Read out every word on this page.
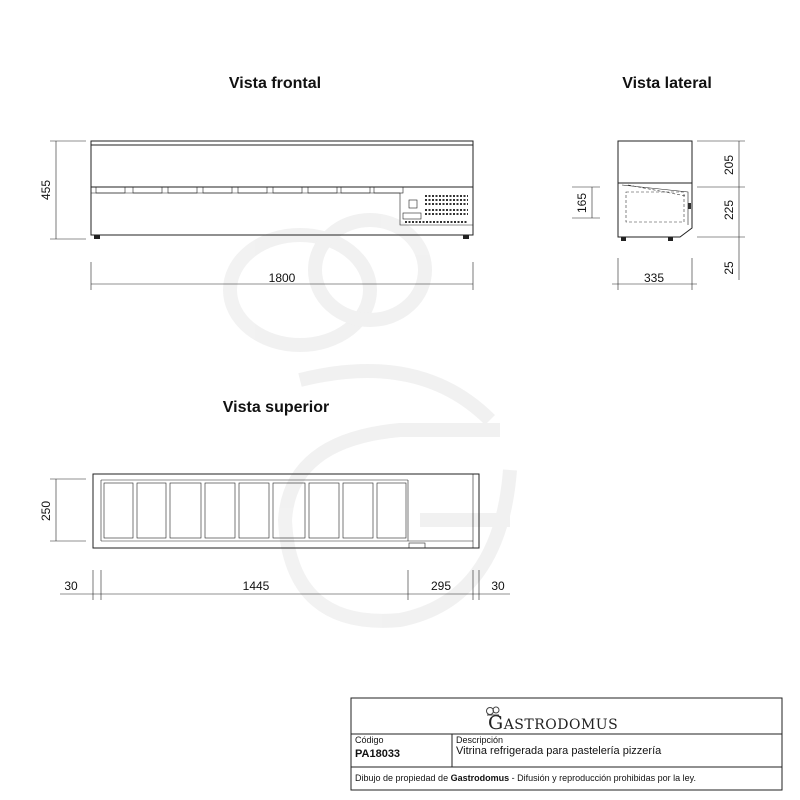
Vista frontal
455
1800
Vista lateral
205
225
165
25
335
Vista superior
250
30	1445	295	30
GASTRODOMUS
Código
PA18033
Descripción
Vitrina refrigerada para pastelería pizzería
Dibujo de propiedad de Gastrodomus - Difusión y reproducción prohibidas por la ley.
